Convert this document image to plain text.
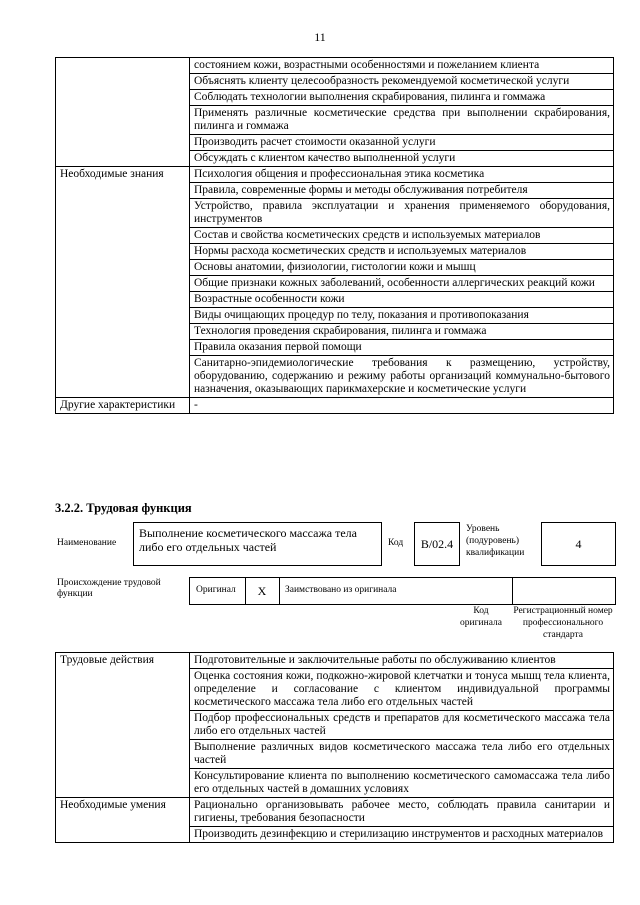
11
	состоянием кожи, возрастными особенностями и пожеланием клиента
	Объяснять клиенту целесообразность рекомендуемой косметической услуги
	Соблюдать технологии выполнения скрабирования, пилинга и гоммажа
	Применять различные косметические средства при выполнении скрабирования, пилинга и гоммажа
	Производить расчет стоимости оказанной услуги
	Обсуждать с клиентом качество выполненной услуги
Необходимые знания	Психология общения и профессиональная этика косметика
	Правила, современные формы и методы обслуживания потребителя
	Устройство, правила эксплуатации и хранения применяемого оборудования, инструментов
	Состав и свойства косметических средств и используемых материалов
	Нормы расхода косметических средств и используемых материалов
	Основы анатомии, физиологии, гистологии кожи и мышц
	Общие признаки кожных заболеваний, особенности аллергических реакций кожи
	Возрастные особенности кожи
	Виды очищающих процедур по телу, показания и противопоказания
	Технология проведения скрабирования, пилинга и гоммажа
	Правила оказания первой помощи
	Санитарно-эпидемиологические требования к размещению, устройству, оборудованию, содержанию и режиму работы организаций коммунально-бытового назначения, оказывающих парикмахерские и косметические услуги
Другие характеристики	-
3.2.2. Трудовая функция
Наименование
Выполнение косметического массажа тела либо его отдельных частей	Код	B/02.4
Уровень (подуровень) квалификации
4
Происхождение трудовой функции	Оригинал	X	Заимствовано из оригинала
Код оригинала
Регистрационный номер профессионального стандарта
Трудовые действия	Подготовительные и заключительные работы по обслуживанию клиентов
	Оценка состояния кожи, подкожно-жировой клетчатки и тонуса мышц тела клиента, определение и согласование с клиентом индивидуальной программы косметического массажа тела либо его отдельных частей
	Подбор профессиональных средств и препаратов для косметического массажа тела либо его отдельных частей
	Выполнение различных видов косметического массажа тела либо его отдельных частей
	Консультирование клиента по выполнению косметического самомассажа тела либо его отдельных частей в домашних условиях
Необходимые умения	Рационально организовывать рабочее место, соблюдать правила санитарии и гигиены, требования безопасности
	Производить дезинфекцию и стерилизацию инструментов и расходных материалов
